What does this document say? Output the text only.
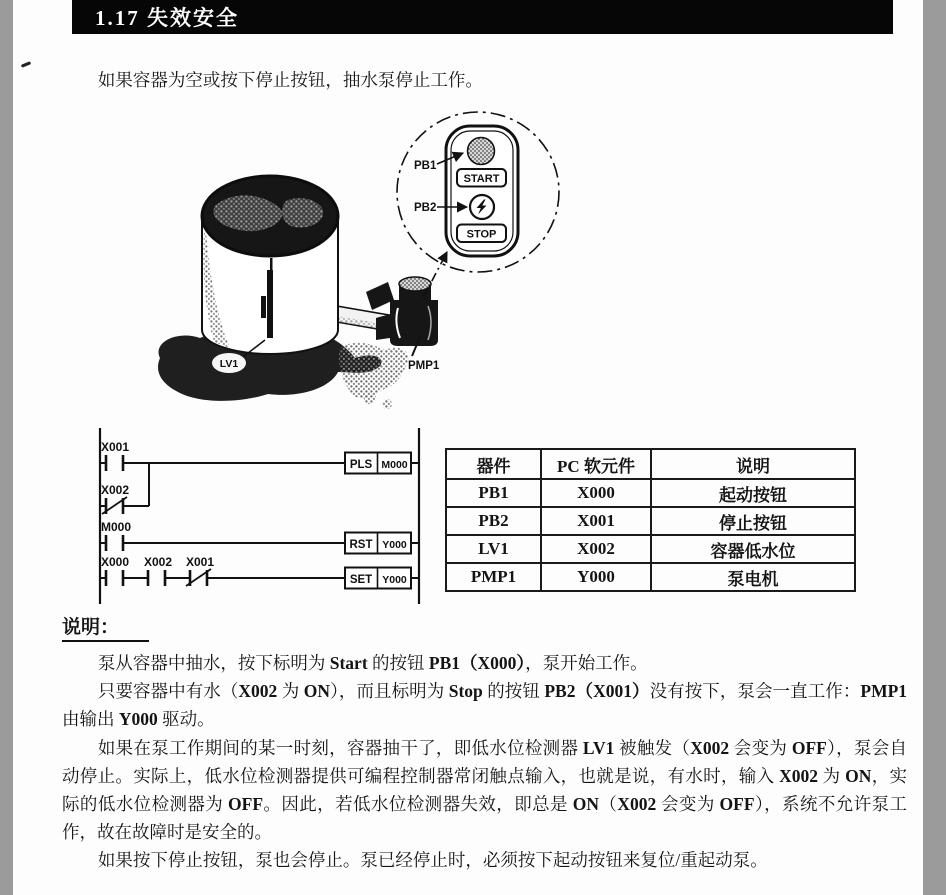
1.17 失效安全

如果容器为空或按下停止按钮，抽水泵停止工作。

LV1	PMP1
START
STOP
PB1
PB2
X001
X002
PLS M000
M000
RST Y000
X000 X002 X001
SET Y000
器件	PC 软元件	说明
PB1	X000	起动按钮
PB2	X001	停止按钮
LV1	X002	容器低水位
PMP1	Y000	泵电机
说明：

泵从容器中抽水，按下标明为 Start 的按钮 PB1（X000），泵开始工作。

只要容器中有水（X002 为 ON），而且标明为 Stop 的按钮 PB2（X001）没有按下，泵会一直工作：PMP1 由输出 Y000 驱动。

如果在泵工作期间的某一时刻，容器抽干了，即低水位检测器 LV1 被触发（X002 会变为 OFF），泵会自动停止。实际上，低水位检测器提供可编程控制器常闭触点输入，也就是说，有水时，输入 X002 为 ON，实际的低水位检测器为 OFF。因此，若低水位检测器失效，即总是 ON（X002 会变为 OFF），系统不允许泵工作，故在故障时是安全的。

如果按下停止按钮，泵也会停止。泵已经停止时，必须按下起动按钮来复位/重起动泵。
